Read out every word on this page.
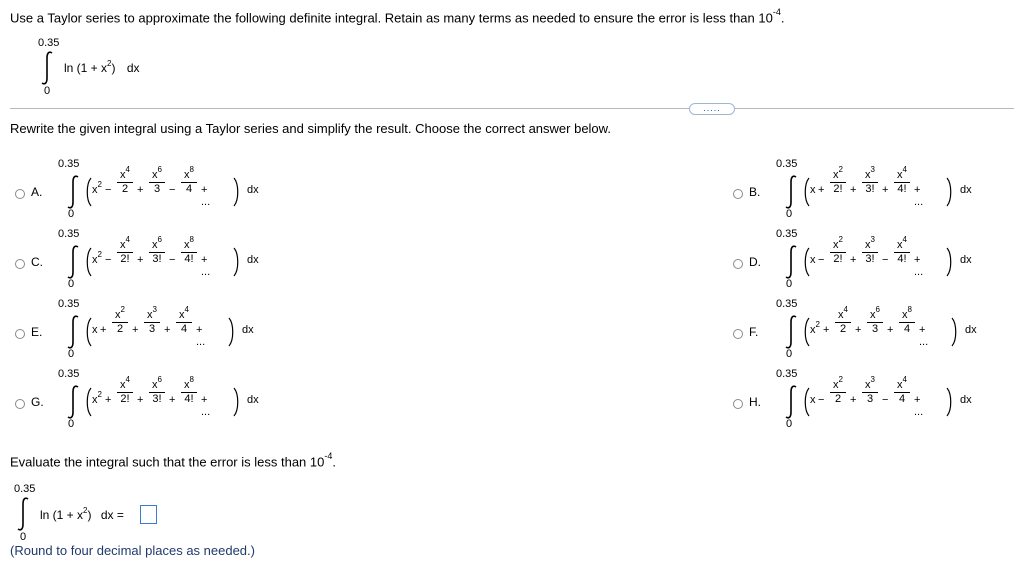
Use a Taylor series to approximate the following definite integral. Retain as many terms as needed to ensure the error is less than $10^{-4}$.
0.35
$\ln (1 + x^2)$ dx
0
.....
Rewrite the given integral using a Taylor series and simplify the result. Choose the correct answer below.
A.
0.35
0
$x^2$ −
$x^4$
2 +
$x^6$
3 −
$x^8$
4 + ...
dx	B.
0.35
0
x +
$x^2$
2! +
$x^3$
3! +
$x^4$
4! + ...
dx
C.
0.35
0
$x^2$ −
$x^4$
2! +
$x^6$
3! −
$x^8$
4! + ...
dx	D.
0.35
0
x −
$x^2$
2! +
$x^3$
3! −
$x^4$
4! + ...
dx
E.
0.35
0
x +
$x^2$
2 +
$x^3$
3 +
$x^4$
4 + ...
dx	F.
0.35
0
$x^2$ +
$x^4$
2 +
$x^6$
3 +
$x^8$
4 + ...
dx
G.
0.35
0
$x^2$ +
$x^4$
2! +
$x^6$
3! +
$x^8$
4! + ...
dx	H.
0.35
0
x −
$x^2$
2 +
$x^3$
3 −
$x^4$
4 + ...
dx
Evaluate the integral such that the error is less than $10^{-4}$.
0.35
$\ln (1 + x^2)$ dx =
0
(Round to four decimal places as needed.)
